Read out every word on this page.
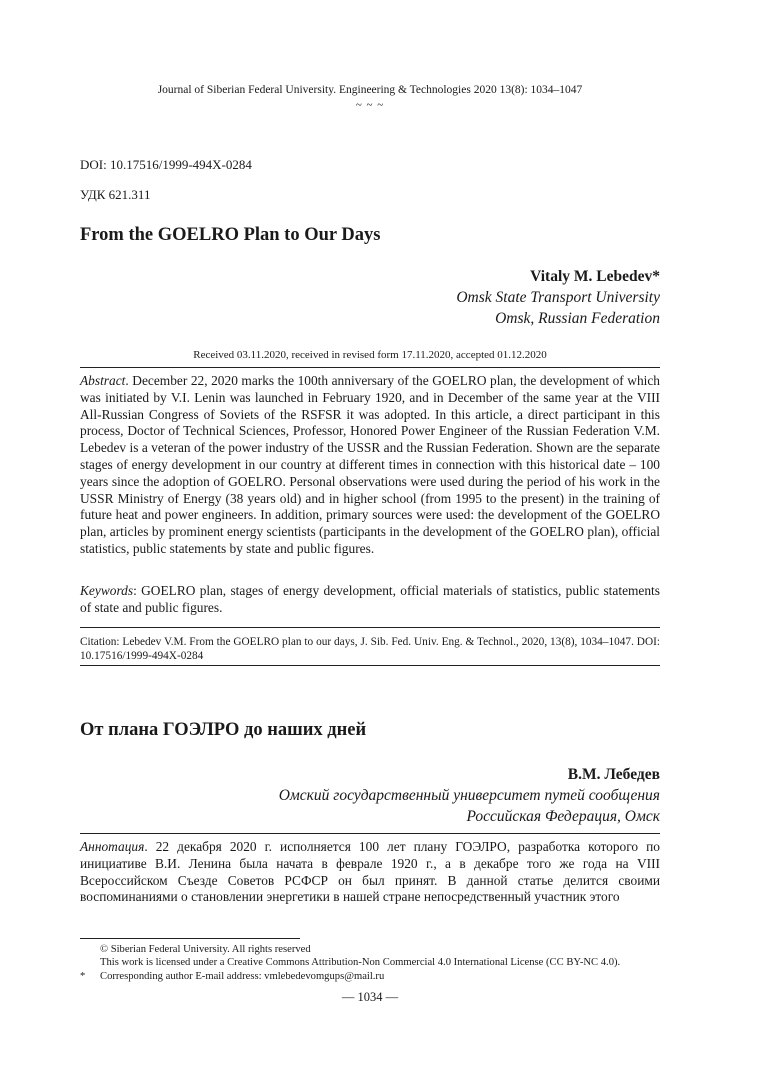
Journal of Siberian Federal University. Engineering & Technologies 2020 13(8): 1034–1047
~ ~ ~
DOI: 10.17516/1999-494X-0284
УДК 621.311
From the GOELRO Plan to Our Days
Vitaly M. Lebedev*
Omsk State Transport University
Omsk, Russian Federation
Received 03.11.2020, received in revised form 17.11.2020, accepted 01.12.2020
Abstract. December 22, 2020 marks the 100th anniversary of the GOELRO plan, the development of which was initiated by V.I. Lenin was launched in February 1920, and in December of the same year at the VIII All-Russian Congress of Soviets of the RSFSR it was adopted. In this article, a direct participant in this process, Doctor of Technical Sciences, Professor, Honored Power Engineer of the Russian Federation V.M. Lebedev is a veteran of the power industry of the USSR and the Russian Federation. Shown are the separate stages of energy development in our country at different times in connection with this historical date – 100 years since the adoption of GOELRO. Personal observations were used during the period of his work in the USSR Ministry of Energy (38 years old) and in higher school (from 1995 to the present) in the training of future heat and power engineers. In addition, primary sources were used: the development of the GOELRO plan, articles by prominent energy scientists (participants in the development of the GOELRO plan), official statistics, public statements by state and public figures.
Keywords: GOELRO plan, stages of energy development, official materials of statistics, public statements of state and public figures.
Citation: Lebedev V.M. From the GOELRO plan to our days, J. Sib. Fed. Univ. Eng. & Technol., 2020, 13(8), 1034–1047. DOI: 10.17516/1999-494X-0284
От плана ГОЭЛРО до наших дней
В.М. Лебедев
Омский государственный университет путей сообщения
Российская Федерация, Омск
Аннотация. 22 декабря 2020 г. исполняется 100 лет плану ГОЭЛРО, разработка которого по инициативе В.И. Ленина была начата в феврале 1920 г., а в декабре того же года на VIII Всероссийском Съезде Советов РСФСР он был принят. В данной статье делится своими воспоминаниями о становлении энергетики в нашей стране непосредственный участник этого
© Siberian Federal University. All rights reserved
This work is licensed under a Creative Commons Attribution-Non Commercial 4.0 International License (CC BY-NC 4.0).
* Corresponding author E-mail address: vmlebedevomgups@mail.ru
— 1034 —
